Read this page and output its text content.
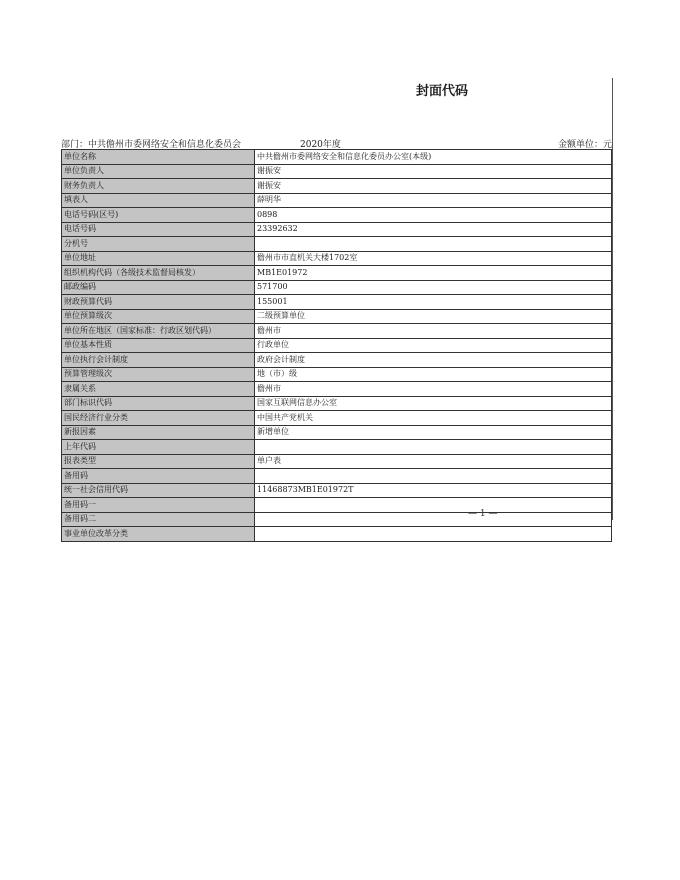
封面代码
部门：中共儋州市委网络安全和信息化委员会	2020年度	金额单位：元
单位名称	中共儋州市委网络安全和信息化委员办公室(本级)
单位负责人	谢振安
财务负责人	谢振安
填表人	薛明华
电话号码(区号)	0898
电话号码	23392632
分机号	
单位地址	儋州市市直机关大楼1702室
组织机构代码（各级技术监督局核发）	MB1E01972
邮政编码	571700
财政预算代码	155001
单位预算级次	二级预算单位
单位所在地区（国家标准：行政区划代码）	儋州市
单位基本性质	行政单位
单位执行会计制度	政府会计制度
预算管理级次	地（市）级
隶属关系	儋州市
部门标识代码	国家互联网信息办公室
国民经济行业分类	中国共产党机关
新报因素	新增单位
上年代码	
报表类型	单户表
备用码	
统一社会信用代码	11468873MB1E01972T
备用码一	
备用码二	
事业单位改革分类	
— 1 —
